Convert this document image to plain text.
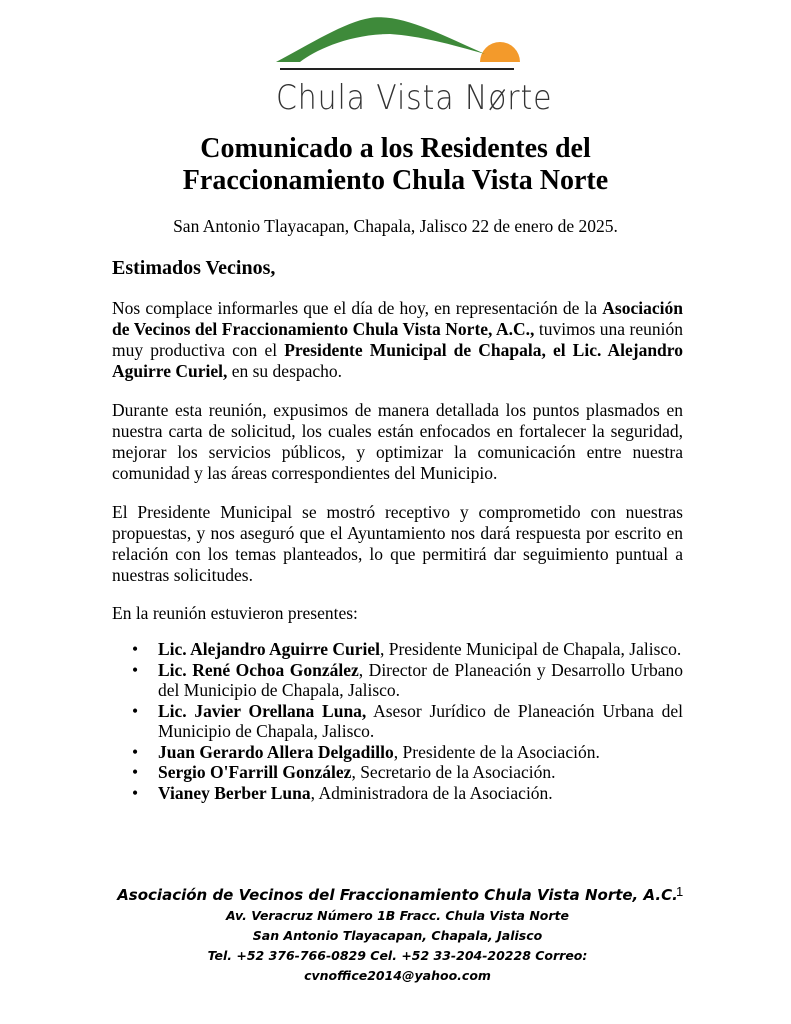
Chula Vista Nørte
Comunicado a los Residentes del
Fraccionamiento Chula Vista Norte

San Antonio Tlayacapan, Chapala, Jalisco 22 de enero de 2025.

Estimados Vecinos,

Nos complace informarles que el día de hoy, en representación de la Asociación de Vecinos del Fraccionamiento Chula Vista Norte, A.C., tuvimos una reunión muy productiva con el Presidente Municipal de Chapala, el Lic. Alejandro Aguirre Curiel, en su despacho.

Durante esta reunión, expusimos de manera detallada los puntos plasmados en nuestra carta de solicitud, los cuales están enfocados en fortalecer la seguridad, mejorar los servicios públicos, y optimizar la comunicación entre nuestra comunidad y las áreas correspondientes del Municipio.

El Presidente Municipal se mostró receptivo y comprometido con nuestras propuestas, y nos aseguró que el Ayuntamiento nos dará respuesta por escrito en relación con los temas planteados, lo que permitirá dar seguimiento puntual a nuestras solicitudes.

En la reunión estuvieron presentes:

• Lic. Alejandro Aguirre Curiel, Presidente Municipal de Chapala, Jalisco.
• Lic. René Ochoa González, Director de Planeación y Desarrollo Urbano del Municipio de Chapala, Jalisco.
• Lic. Javier Orellana Luna, Asesor Jurídico de Planeación Urbana del Municipio de Chapala, Jalisco.
• Juan Gerardo Allera Delgadillo, Presidente de la Asociación.
• Sergio O'Farrill González, Secretario de la Asociación.
• Vianey Berber Luna, Administradora de la Asociación.
Asociación de Vecinos del Fraccionamiento Chula Vista Norte, A.C.
Av. Veracruz Número 1B Fracc. Chula Vista Norte
San Antonio Tlayacapan, Chapala, Jalisco
Tel. +52 376-766-0829 Cel. +52 33-204-20228 Correo: cvnoffice2014@yahoo.com
1
